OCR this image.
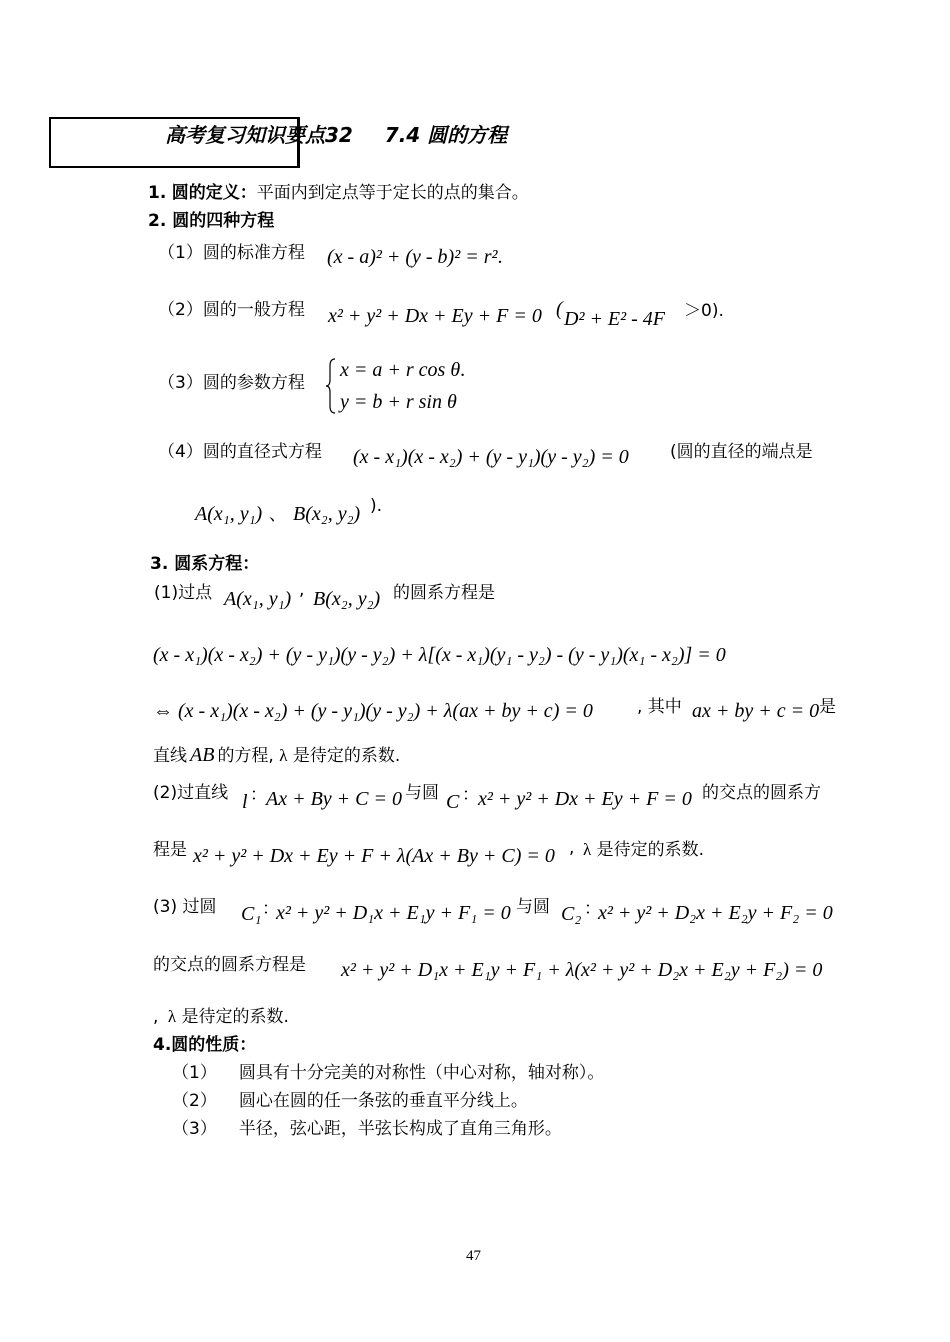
高考复习知识要点32 7.4 圆的方程
1. 圆的定义：平面内到定点等于定长的点的集合。
2. 圆的四种方程
（1）圆的标准方程 (x - a)² + (y - b)² = r².
（2）圆的一般方程 x² + y² + Dx + Ey + F = 0 ( D² + E² - 4F ＞0).
（3）圆的参数方程
x = a + r cos θ.
y = b + r sin θ
（4）圆的直径式方程 (x - x₁)(x - x₂) + (y - y₁)(y - y₂) = 0 (圆的直径的端点是
A(x₁, y₁) 、 B(x₂, y₂) ).
3. 圆系方程：
(1)过点 A(x₁, y₁) , B(x₂, y₂) 的圆系方程是
(x - x₁)(x - x₂) + (y - y₁)(y - y₂) + λ[(x - x₁)(y₁ - y₂) - (y - y₁)(x₁ - x₂)] = 0
⇔ (x - x₁)(x - x₂) + (y - y₁)(y - y₂) + λ(ax + by + c) = 0	, 其中 ax + by + c = 0 是
直线 AB 的方程, λ 是待定的系数.
(2)过直线 l ： Ax + By + C = 0 与圆 C ： x² + y² + Dx + Ey + F = 0 的交点的圆系方
程是 x² + y² + Dx + Ey + F + λ(Ax + By + C) = 0 , λ 是待定的系数.
(3) 过圆 C₁ ：
x² + y² + D₁x + E₁y + F₁ = 0 与圆 C₂ ：
x² + y² + D₂x + E₂y + F₂ = 0
的交点的圆系方程是 x² + y² + D₁x + E₁y + F₁ + λ(x² + y² + D₂x + E₂y + F₂) = 0
, λ 是待定的系数.
4.圆的性质：
（1） 圆具有十分完美的对称性（中心对称，轴对称）。
（2） 圆心在圆的任一条弦的垂直平分线上。
（3） 半径，弦心距，半弦长构成了直角三角形。
47
